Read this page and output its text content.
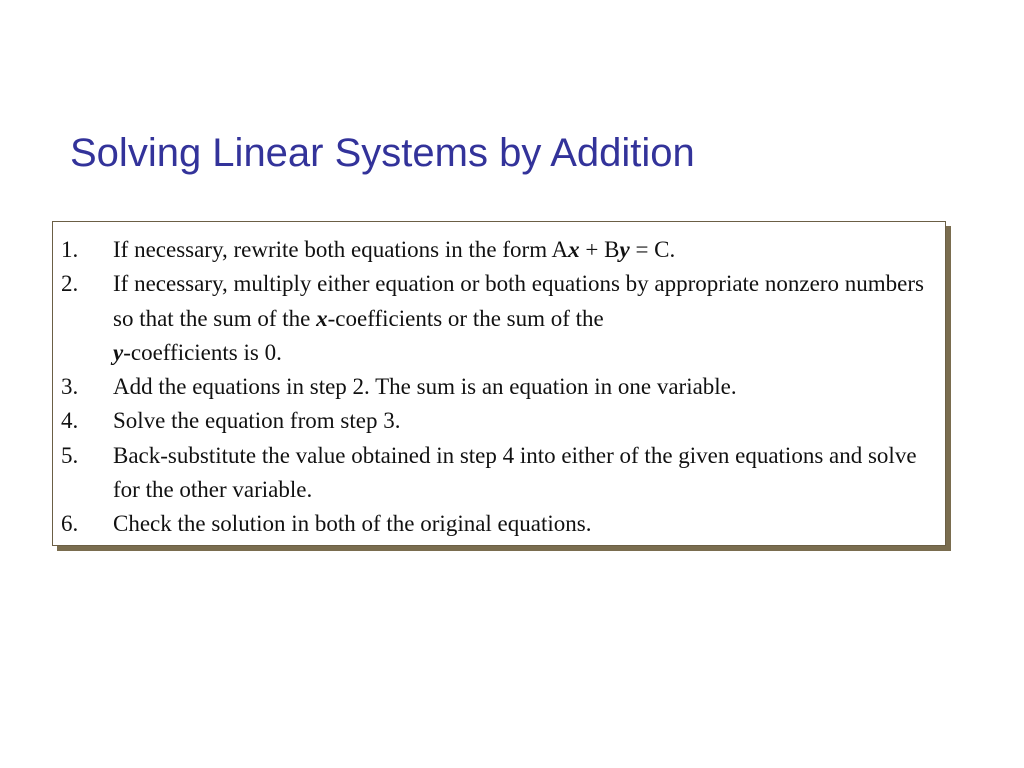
Solving Linear Systems by Addition
1. If necessary, rewrite both equations in the form Ax + By = C.
2. If necessary, multiply either equation or both equations by appropriate nonzero numbers so that the sum of the x-coefficients or the sum of the
y-coefficients is 0.
3. Add the equations in step 2. The sum is an equation in one variable.
4. Solve the equation from step 3.
5. Back-substitute the value obtained in step 4 into either of the given equations and solve for the other variable.
6. Check the solution in both of the original equations.
